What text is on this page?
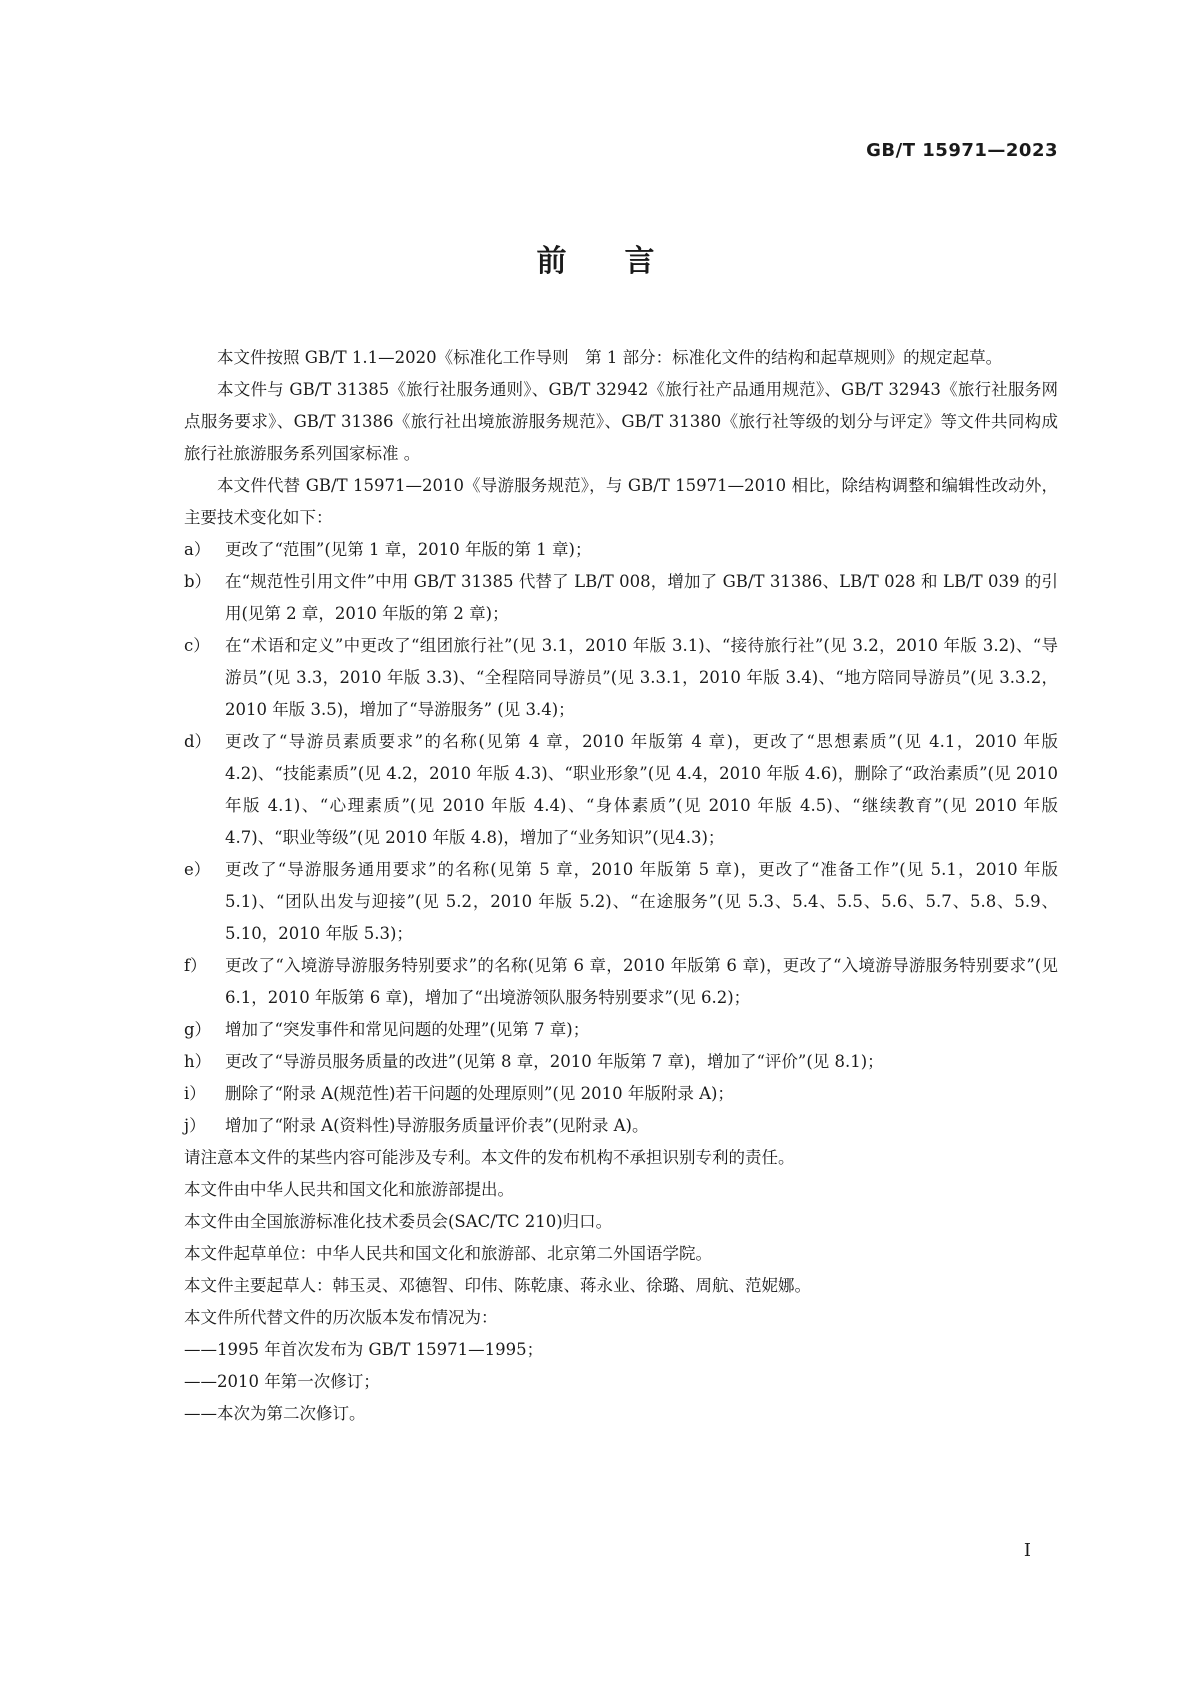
GB/T 15971—2023
前言

本文件按照 GB/T 1.1—2020《标准化工作导则　第 1 部分：标准化文件的结构和起草规则》的规定起草。

本文件与 GB/T 31385《旅行社服务通则》、GB/T 32942《旅行社产品通用规范》、GB/T 32943《旅行社服务网点服务要求》、GB/T 31386《旅行社出境旅游服务规范》、GB/T 31380《旅行社等级的划分与评定》等文件共同构成旅行社旅游服务系列国家标准 。

本文件代替 GB/T 15971—2010《导游服务规范》，与 GB/T 15971—2010 相比，除结构调整和编辑性改动外，主要技术变化如下：

a） 更改了“范围”(见第 1 章，2010 年版的第 1 章)；

b） 在“规范性引用文件”中用 GB/T 31385 代替了 LB/T 008，增加了 GB/T 31386、LB/T 028 和 LB/T 039 的引用(见第 2 章，2010 年版的第 2 章)；

c） 在“术语和定义”中更改了“组团旅行社”(见 3.1，2010 年版 3.1)、“接待旅行社”(见 3.2，2010 年版 3.2)、“导游员”(见 3.3，2010 年版 3.3)、“全程陪同导游员”(见 3.3.1，2010 年版 3.4)、“地方陪同导游员”(见 3.3.2，2010 年版 3.5)，增加了“导游服务” (见 3.4)；

d） 更改了“导游员素质要求”的名称(见第 4 章，2010 年版第 4 章)，更改了“思想素质”(见 4.1，2010 年版 4.2)、“技能素质”(见 4.2，2010 年版 4.3)、“职业形象”(见 4.4，2010 年版 4.6)，删除了“政治素质”(见 2010 年版 4.1)、“心理素质”(见 2010 年版 4.4)、“身体素质”(见 2010 年版 4.5)、“继续教育”(见 2010 年版 4.7)、“职业等级”(见 2010 年版 4.8)，增加了“业务知识”(见4.3)；

e） 更改了“导游服务通用要求”的名称(见第 5 章，2010 年版第 5 章)，更改了“准备工作”(见 5.1，2010 年版 5.1)、“团队出发与迎接”(见 5.2，2010 年版 5.2)、“在途服务”(见 5.3、5.4、5.5、5.6、5.7、5.8、5.9、5.10，2010 年版 5.3)；

f）	更改了“入境游导游服务特别要求”的名称(见第 6 章，2010 年版第 6 章)，更改了“入境游导游服务特别要求”(见 6.1，2010 年版第 6 章)，增加了“出境游领队服务特别要求”(见 6.2)；

g） 增加了“突发事件和常见问题的处理”(见第 7 章)；

h） 更改了“导游员服务质量的改进”(见第 8 章，2010 年版第 7 章)，增加了“评价”(见 8.1)；

i）	删除了“附录 A(规范性)若干问题的处理原则”(见 2010 年版附录 A)；

j）	增加了“附录 A(资料性)导游服务质量评价表”(见附录 A)。

请注意本文件的某些内容可能涉及专利。本文件的发布机构不承担识别专利的责任。

本文件由中华人民共和国文化和旅游部提出。

本文件由全国旅游标准化技术委员会(SAC/TC 210)归口。

本文件起草单位：中华人民共和国文化和旅游部、北京第二外国语学院。

本文件主要起草人：韩玉灵、邓德智、印伟、陈乾康、蒋永业、徐璐、周航、范妮娜。

本文件所代替文件的历次版本发布情况为：

——1995 年首次发布为 GB/T 15971—1995；

——2010 年第一次修订；

——本次为第二次修订。

I
